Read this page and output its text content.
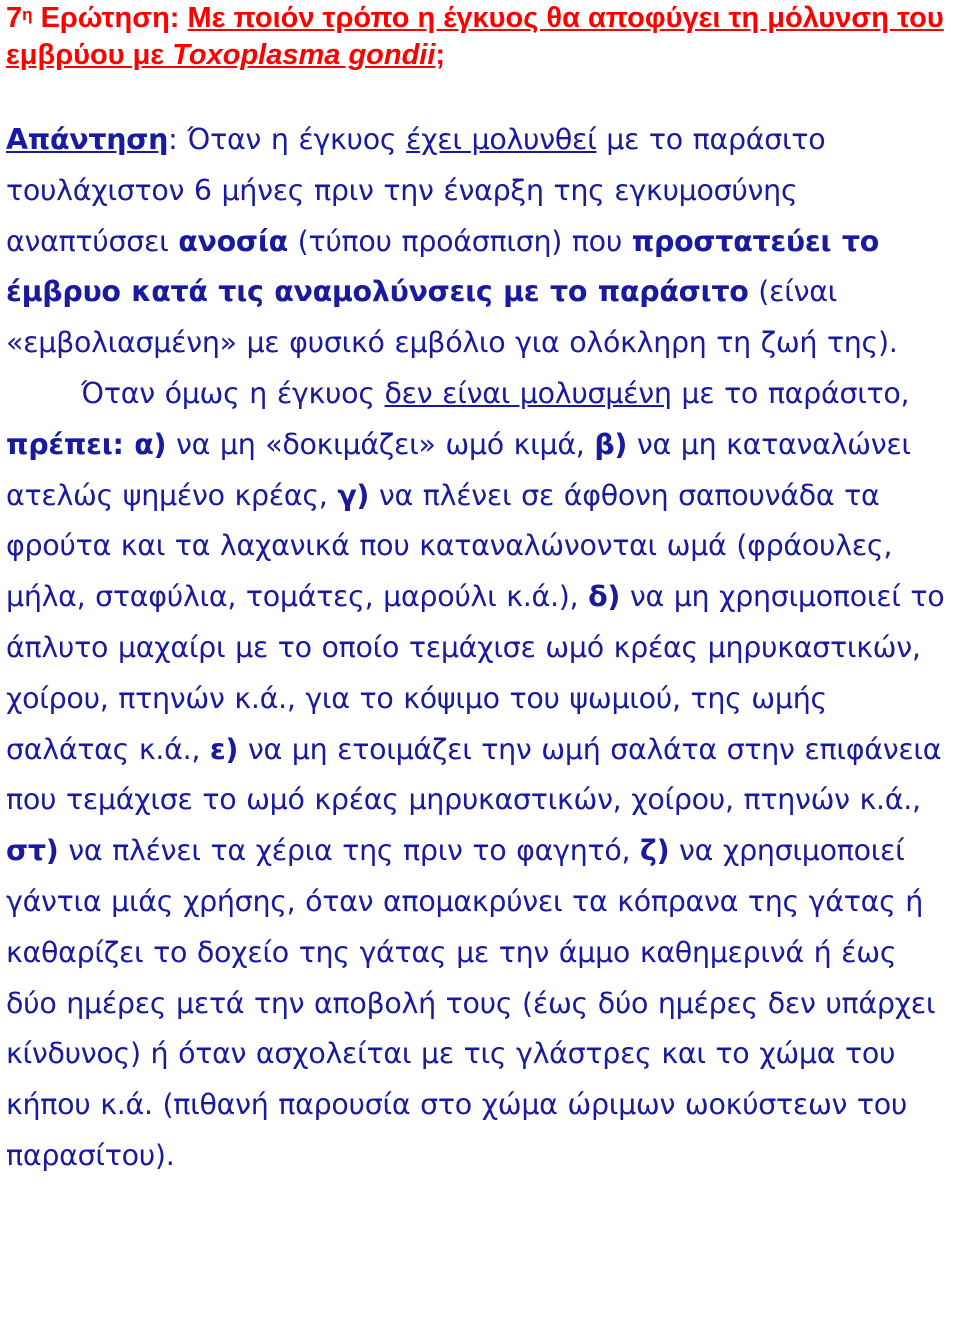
$7^\eta$ Ερώτηση: Με ποιόν τρόπο η έγκυος θα αποφύγει τη μόλυνση του εμβρύου με Toxoplasma gondii;

Απάντηση: Όταν η έγκυος έχει μολυνθεί με το παράσιτο τουλάχιστον 6 μήνες πριν την έναρξη της εγκυμοσύνης αναπτύσσει ανοσία (τύπου προάσπιση) που προστατεύει το έμβρυο κατά τις αναμολύνσεις με το παράσιτο (είναι «εμβολιασμένη» με φυσικό εμβόλιο για ολόκληρη τη ζωή της).

Όταν όμως η έγκυος δεν είναι μολυσμένη με το παράσιτο, πρέπει: α) να μη «δοκιμάζει» ωμό κιμά, β) να μη καταναλώνει ατελώς ψημένο κρέας, γ) να πλένει σε άφθονη σαπουνάδα τα φρούτα και τα λαχανικά που καταναλώνονται ωμά (φράουλες, μήλα, σταφύλια, τομάτες, μαρούλι κ.ά.), δ) να μη χρησιμοποιεί το άπλυτο μαχαίρι με το οποίο τεμάχισε ωμό κρέας μηρυκαστικών, χοίρου, πτηνών κ.ά., για το κόψιμο του ψωμιού, της ωμής σαλάτας κ.ά., ε) να μη ετοιμάζει την ωμή σαλάτα στην επιφάνεια που τεμάχισε το ωμό κρέας μηρυκαστικών, χοίρου, πτηνών κ.ά., στ) να πλένει τα χέρια της πριν το φαγητό, ζ) να χρησιμοποιεί γάντια μιάς χρήσης, όταν απομακρύνει τα κόπρανα της γάτας ή καθαρίζει το δοχείο της γάτας με την άμμο καθημερινά ή έως δύο ημέρες μετά την αποβολή τους (έως δύο ημέρες δεν υπάρχει κίνδυνος) ή όταν ασχολείται με τις γλάστρες και το χώμα του κήπου κ.ά. (πιθανή παρουσία στο χώμα ώριμων ωοκύστεων του παρασίτου).
